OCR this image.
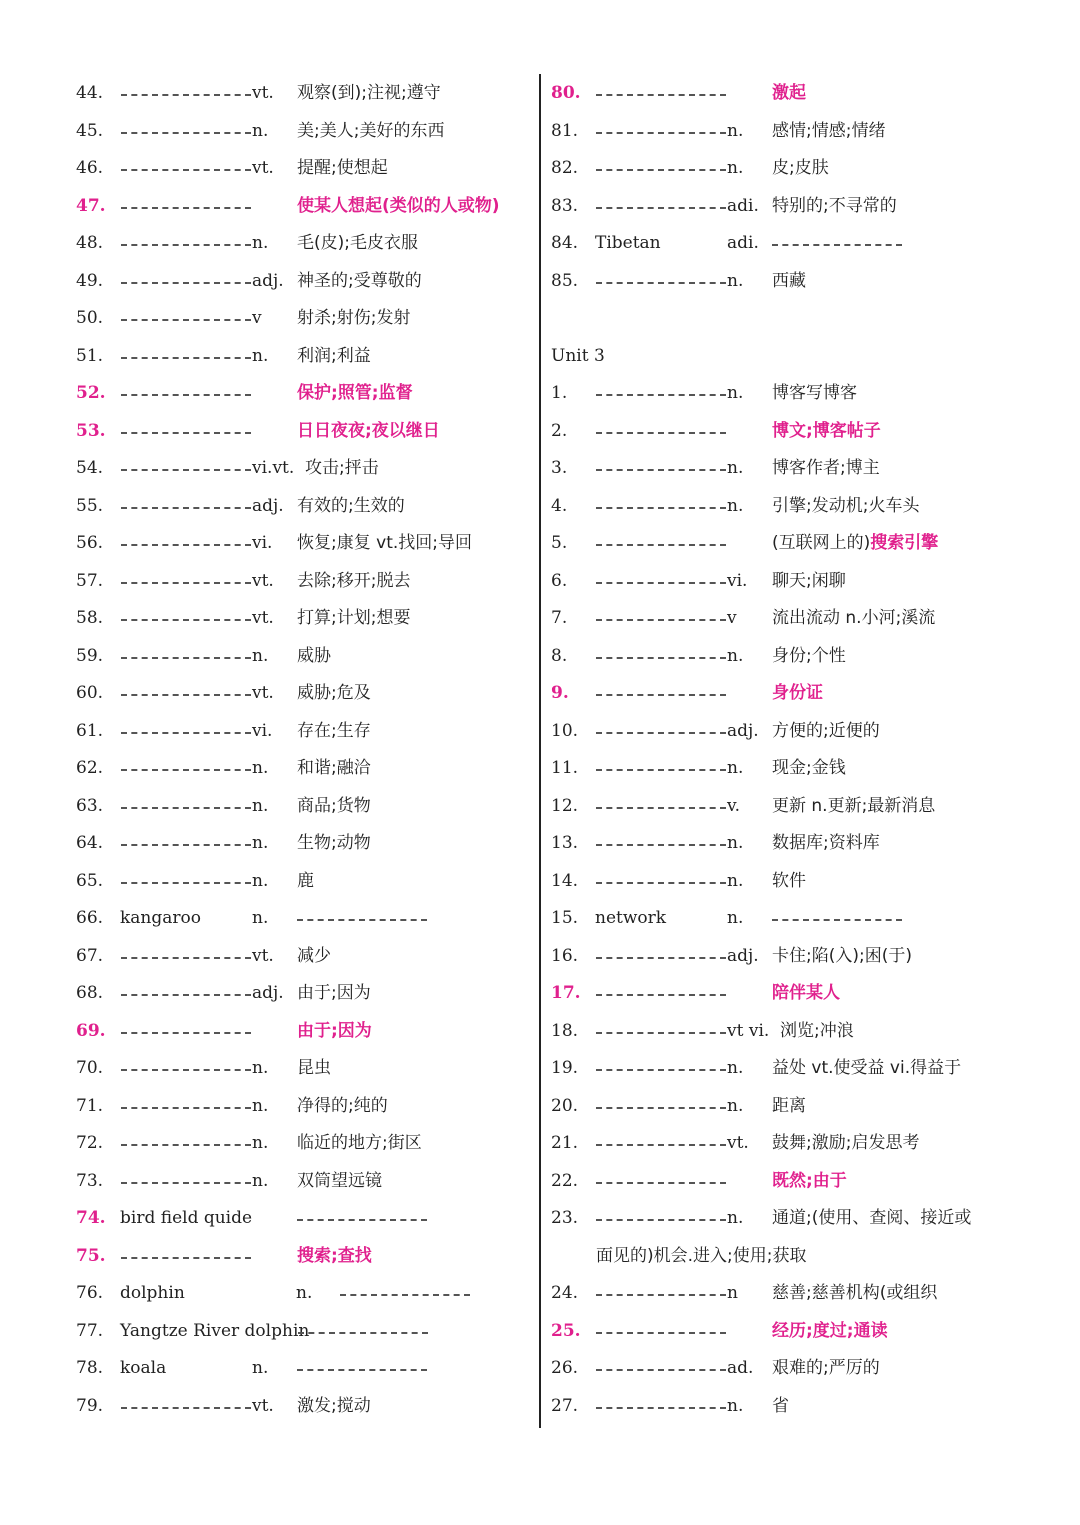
44.	vt. 观察(到);注视;遵守
45.	n. 美;美人;美好的东西
46.	vt. 提醒;使想起
47.	使某人想起(类似的人或物)
48.	n. 毛(皮);毛皮衣服
49.	adj. 神圣的;受尊敬的
50.	v 射杀;射伤;发射
51.	n. 利润;利益
52.	保护;照管;监督
53.	日日夜夜;夜以继日
54.	vi.vt. 攻击;抨击
55.	adj. 有效的;生效的
56.	vi. 恢复;康复 vt.找回;导回
57.	vt. 去除;移开;脱去
58.	vt. 打算;计划;想要
59.	n. 威胁
60.	vt. 威胁;危及
61.	vi. 存在;生存
62.	n. 和谐;融洽
63.	n. 商品;货物
64.	n. 生物;动物
65.	n. 鹿
66. kangaroo	n.
67.	vt. 减少
68.	adj. 由于;因为
69.	由于;因为
70.	n. 昆虫
71.	n. 净得的;纯的
72.	n. 临近的地方;街区
73.	n. 双筒望远镜
74. bird field quide
75.	搜索;查找
76. dolphin	n.
77. Yangtze River dolphin
78. koala	n.
79.	vt. 激发;搅动
80.	激起
81.	n. 感情;情感;情绪
82.	n. 皮;皮肤
83.	adi. 特别的;不寻常的
84. Tibetan	adi.
85.	n. 西藏
Unit 3
1.	n. 博客写博客
2.	博文;博客帖子
3.	n. 博客作者;博主
4.	n. 引擎;发动机;火车头
5.	(互联网上的)搜索引擎
6.	vi. 聊天;闲聊
7.	v 流出流动 n.小河;溪流
8.	n. 身份;个性
9.	身份证
10.	adj. 方便的;近便的
11.	n. 现金;金钱
12.	v. 更新 n.更新;最新消息
13.	n. 数据库;资料库
14.	n. 软件
15. network	n.
16.	adj. 卡住;陷(入);困(于)
17.	陪伴某人
18.	vt vi. 浏览;冲浪
19.	n. 益处 vt.使受益 vi.得益于
20.	n. 距离
21.	vt. 鼓舞;激励;启发思考
22.	既然;由于
23.	n. 通道;(使用、查阅、接近或
面见的)机会.进入;使用;获取
24.	n 慈善;慈善机构(或组织
25.	经历;度过;通读
26.	ad. 艰难的;严厉的
27.	n. 省
